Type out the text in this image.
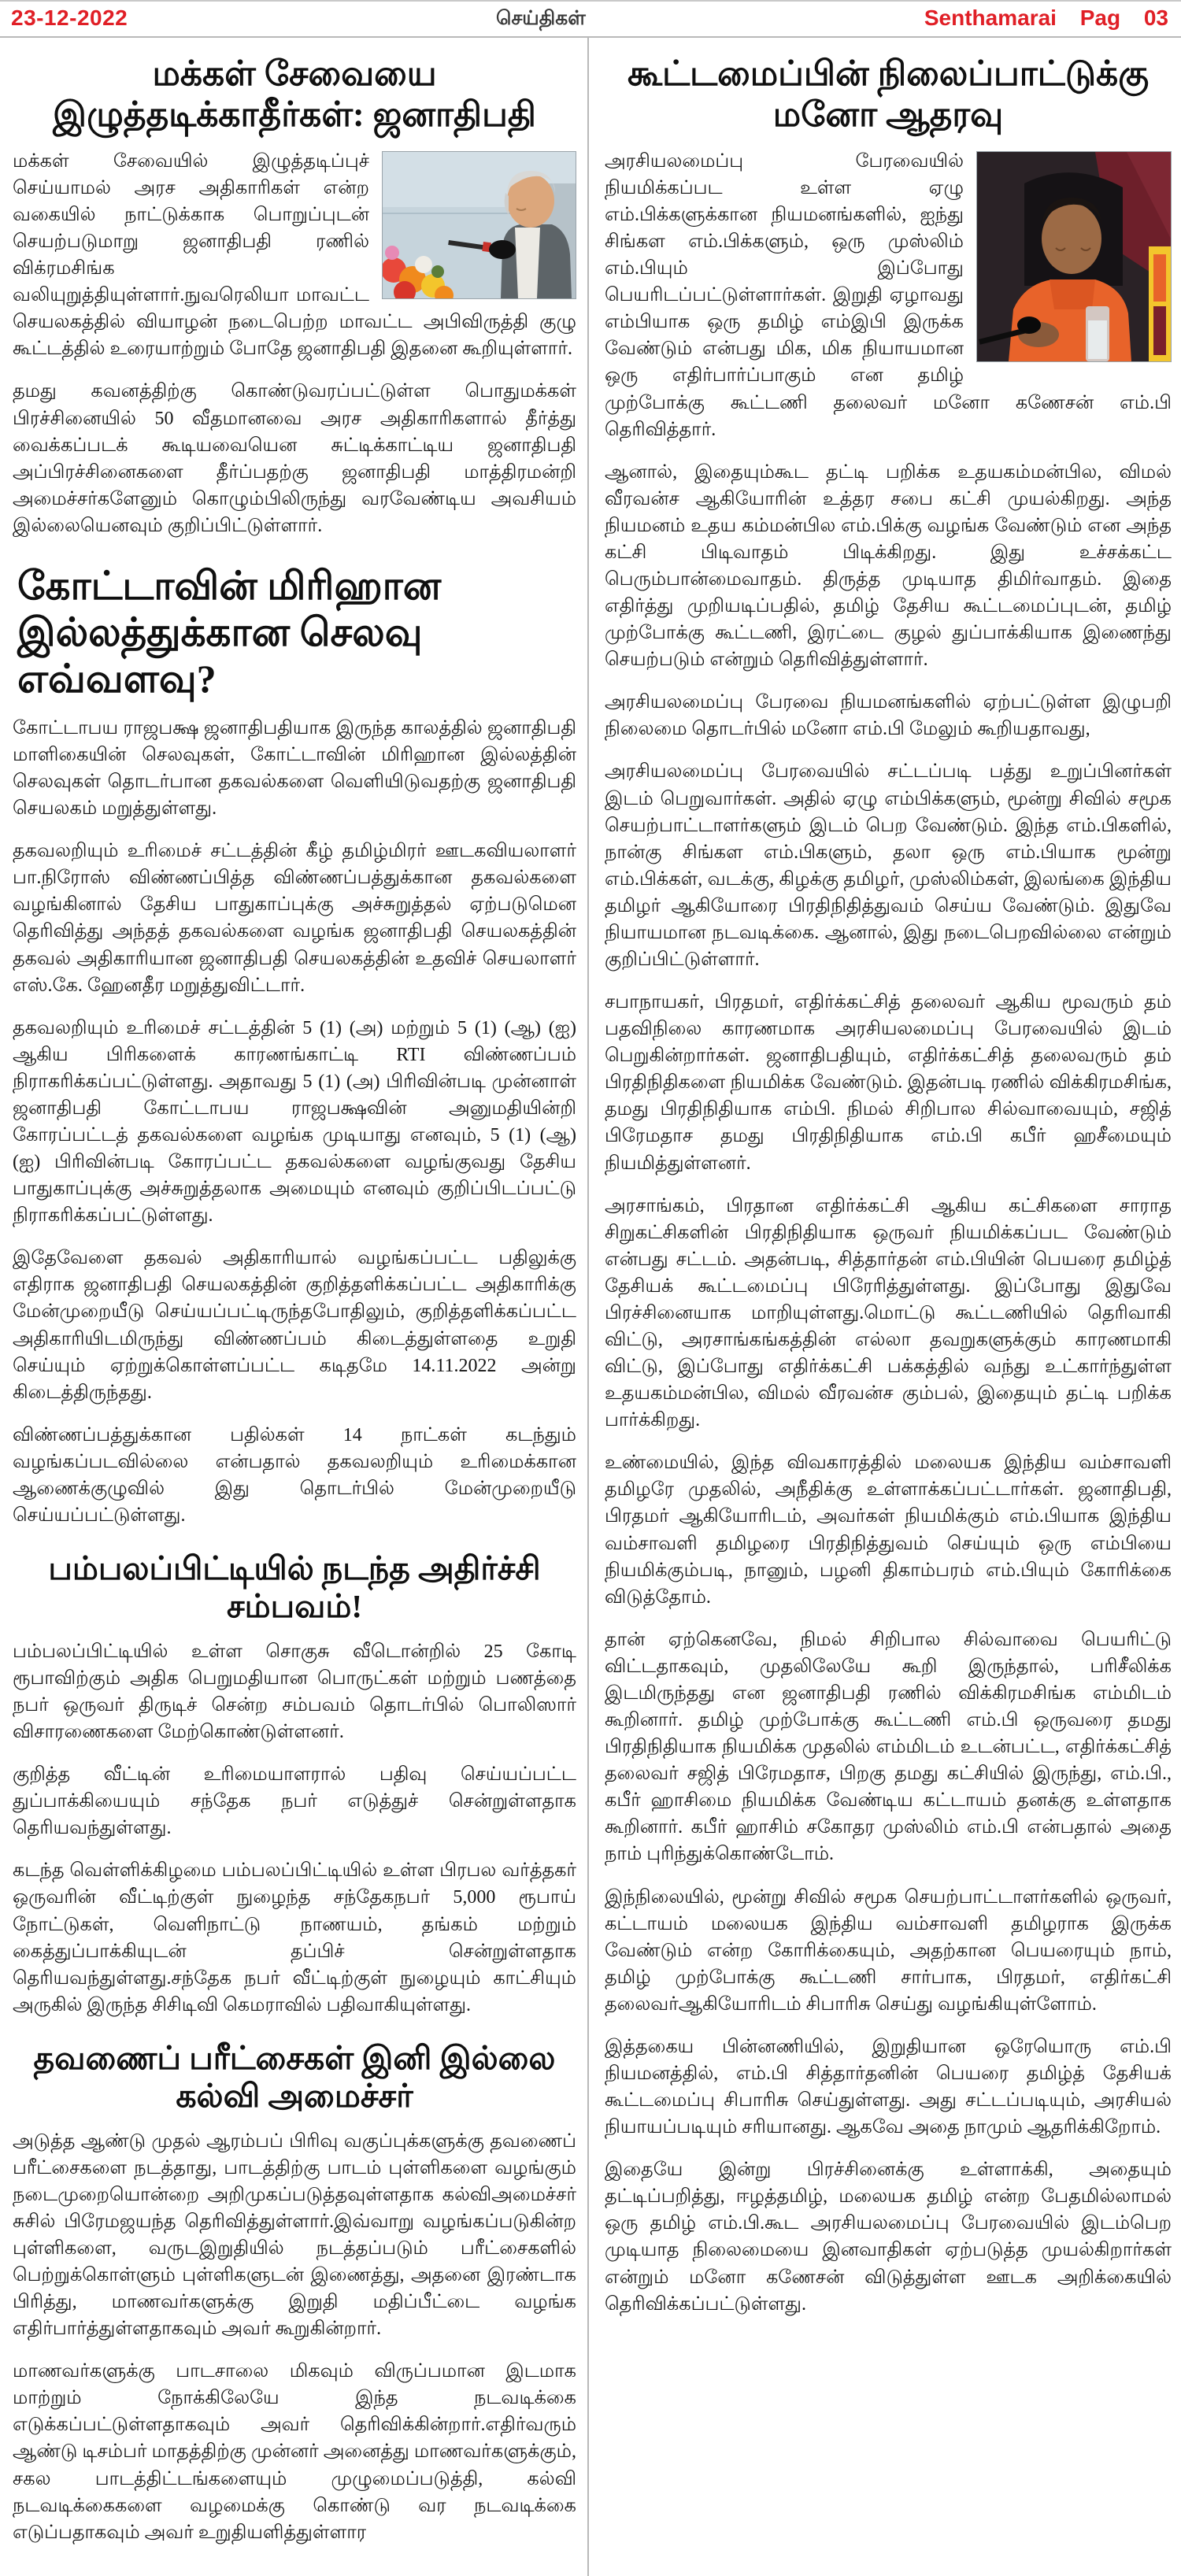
23-12-2022	செய்திகள்	Senthamarai Pag 03
மக்கள் சேவையை இழுத்தடிக்காதீர்கள்: ஜனாதிபதி

மக்கள் சேவையில் இழுத்தடிப்புச் செய்யாமல் அரச அதிகாரிகள் என்ற வகையில் நாட்டுக்காக பொறுப்புடன் செயற்படுமாறு ஜனாதிபதி ரணில் விக்ரமசிங்க வலியுறுத்தியுள்ளார்.நுவரெலியா மாவட்ட செயலகத்தில் வியாழன் நடைபெற்ற மாவட்ட அபிவிருத்தி குழு கூட்டத்தில் உரையாற்றும் போதே ஜனாதிபதி இதனை கூறியுள்ளார்.

தமது கவனத்திற்கு கொண்டுவரப்பட்டுள்ள பொதுமக்கள் பிரச்சினையில் 50 வீதமானவை அரச அதிகாரிகளால் தீர்த்து வைக்கப்படக் கூடியவையென சுட்டிக்காட்டிய ஜனாதிபதி அப்பிரச்சினைகளை தீர்ப்பதற்கு ஜனாதிபதி மாத்திரமன்றி அமைச்சர்களேனும் கொழும்பிலிருந்து வரவேண்டிய அவசியம் இல்லையெனவும் குறிப்பிட்டுள்ளார்.

கோட்டாவின் மிரிஹான இல்லத்துக்கான செலவு எவ்வளவு?

கோட்டாபய ராஜபக்ஷ ஜனாதிபதியாக இருந்த காலத்தில் ஜனாதிபதி மாளிகையின் செலவுகள், கோட்டாவின் மிரிஹான இல்லத்தின் செலவுகள் தொடர்பான தகவல்களை வெளியிடுவதற்கு ஜனாதிபதி செயலகம் மறுத்துள்ளது.

தகவலறியும் உரிமைச் சட்டத்தின் கீழ் தமிழ்மிரர் ஊடகவியலாளர் பா.நிரோஸ் விண்ணப்பித்த விண்ணப்பத்துக்கான தகவல்களை வழங்கினால் தேசிய பாதுகாப்புக்கு அச்சுறுத்தல் ஏற்படுமென தெரிவித்து அந்தத் தகவல்களை வழங்க ஜனாதிபதி செயலகத்தின் தகவல் அதிகாரியான ஜனாதிபதி செயலகத்தின் உதவிச் செயலாளர் எஸ்.கே. ஹேனதீர மறுத்துவிட்டார்.

தகவலறியும் உரிமைச் சட்டத்தின் 5 (1) (அ) மற்றும் 5 (1) (ஆ) (ஐ) ஆகிய பிரிகளைக் காரணங்காட்டி RTI விண்ணப்பம் நிராகரிக்கப்பட்டுள்ளது. அதாவது 5 (1) (அ) பிரிவின்படி முன்னாள் ஜனாதிபதி கோட்டாபய ராஜபக்ஷவின் அனுமதியின்றி கோரப்பட்டத் தகவல்களை வழங்க முடியாது எனவும், 5 (1) (ஆ) (ஐ) பிரிவின்படி கோரப்பட்ட தகவல்களை வழங்குவது தேசிய பாதுகாப்புக்கு அச்சுறுத்தலாக அமையும் எனவும் குறிப்பிடப்பட்டு நிராகரிக்கப்பட்டுள்ளது.

இதேவேளை தகவல் அதிகாரியால் வழங்கப்பட்ட பதிலுக்கு எதிராக ஜனாதிபதி செயலகத்தின் குறித்தளிக்கப்பட்ட அதிகாரிக்கு மேன்முறையீடு செய்யப்பட்டிருந்தபோதிலும், குறித்தளிக்கப்பட்ட அதிகாரியிடமிருந்து விண்ணப்பம் கிடைத்துள்ளதை உறுதி செய்யும் ஏற்றுக்கொள்ளப்பட்ட கடிதமே 14.11.2022 அன்று கிடைத்திருந்தது.

விண்ணப்பத்துக்கான பதில்கள் 14 நாட்கள் கடந்தும் வழங்கப்படவில்லை என்பதால் தகவலறியும் உரிமைக்கான ஆணைக்குழுவில் இது தொடர்பில் மேன்முறையீடு செய்யப்பட்டுள்ளது.

பம்பலப்பிட்டியில் நடந்த அதிர்ச்சி சம்பவம்!

பம்பலப்பிட்டியில் உள்ள சொகுசு வீடொன்றில் 25 கோடி ரூபாவிற்கும் அதிக பெறுமதியான பொருட்கள் மற்றும் பணத்தை நபர் ஒருவர் திருடிச் சென்ற சம்பவம் தொடர்பில் பொலிஸார் விசாரணைகளை மேற்கொண்டுள்ளனர்.

குறித்த வீட்டின் உரிமையாளரால் பதிவு செய்யப்பட்ட துப்பாக்கியையும் சந்தேக நபர் எடுத்துச் சென்றுள்ளதாக தெரியவந்துள்ளது.

கடந்த வெள்ளிக்கிழமை பம்பலப்பிட்டியில் உள்ள பிரபல வர்த்தகர் ஒருவரின் வீட்டிற்குள் நுழைந்த சந்தேகநபர் 5,000 ரூபாய் நோட்டுகள், வெளிநாட்டு நாணயம், தங்கம் மற்றும் கைத்துப்பாக்கியுடன் தப்பிச் சென்றுள்ளதாக தெரியவந்துள்ளது.சந்தேக நபர் வீட்டிற்குள் நுழையும் காட்சியும் அருகில் இருந்த சிசிடிவி கெமராவில் பதிவாகியுள்ளது.

தவணைப் பரீட்சைகள் இனி இல்லை கல்வி அமைச்சர்

அடுத்த ஆண்டு முதல் ஆரம்பப் பிரிவு வகுப்புக்களுக்கு தவணைப் பரீட்சைகளை நடத்தாது, பாடத்திற்கு பாடம் புள்ளிகளை வழங்கும் நடைமுறையொன்றை அறிமுகப்படுத்தவுள்ளதாக கல்விஅமைச்சர் சுசில் பிரேமஜயந்த தெரிவித்துள்ளார்.இவ்வாறு வழங்கப்படுகின்ற புள்ளிகளை, வருடஇறுதியில் நடத்தப்படும் பரீட்சைகளில் பெற்றுக்கொள்ளும் புள்ளிகளுடன் இணைத்து, அதனை இரண்டாக பிரித்து, மாணவர்களுக்கு இறுதி மதிப்பீட்டை வழங்க எதிர்பார்த்துள்ளதாகவும் அவர் கூறுகின்றார்.

மாணவர்களுக்கு பாடசாலை மிகவும் விருப்பமான இடமாக மாற்றும் நோக்கிலேயே இந்த நடவடிக்கை எடுக்கப்பட்டுள்ளதாகவும் அவர் தெரிவிக்கின்றார்.எதிர்வரும் ஆண்டு டிசம்பர் மாதத்திற்கு முன்னர் அனைத்து மாணவர்களுக்கும், சகல பாடத்திட்டங்களையும் முழுமைப்படுத்தி, கல்வி நடவடிக்கைகளை வழமைக்கு கொண்டு வர நடவடிக்கை எடுப்பதாகவும் அவர் உறுதியளித்துள்ளார

கூட்டமைப்பின் நிலைப்பாட்டுக்கு மனோ ஆதரவு

அரசியலமைப்பு பேரவையில் நியமிக்கப்பட உள்ள ஏழு எம்.பிக்களுக்கான நியமனங்களில், ஐந்து சிங்கள எம்.பிக்களும், ஒரு முஸ்லிம் எம்.பியும் இப்போது பெயரிடப்பட்டுள்ளார்கள். இறுதி ஏழாவது எம்பியாக ஒரு தமிழ் எம்இபி இருக்க வேண்டும் என்பது மிக, மிக நியாயமான ஒரு எதிர்பார்ப்பாகும் என தமிழ் முற்போக்கு கூட்டணி தலைவர் மனோ கணேசன் எம்.பி தெரிவித்தார்.

ஆனால், இதையும்கூட தட்டி பறிக்க உதயகம்மன்பில, விமல் வீரவன்ச ஆகியோரின் உத்தர சபை கட்சி முயல்கிறது. அந்த நியமனம் உதய கம்மன்பில எம்.பிக்கு வழங்க வேண்டும் என அந்த கட்சி பிடிவாதம் பிடிக்கிறது. இது உச்சக்கட்ட பெரும்பான்மைவாதம். திருத்த முடியாத திமிர்வாதம். இதை எதிர்த்து முறியடிப்பதில், தமிழ் தேசிய கூட்டமைப்புடன், தமிழ் முற்போக்கு கூட்டணி, இரட்டை குழல் துப்பாக்கியாக இணைந்து செயற்படும் என்றும் தெரிவித்துள்ளார்.

அரசியலமைப்பு பேரவை நியமனங்களில் ஏற்பட்டுள்ள இழுபறி நிலைமை தொடர்பில் மனோ எம்.பி மேலும் கூறியதாவது,

அரசியலமைப்பு பேரவையில் சட்டப்படி பத்து உறுப்பினர்கள் இடம் பெறுவார்கள். அதில் ஏழு எம்பிக்களும், மூன்று சிவில் சமூக செயற்பாட்டாளர்களும் இடம் பெற வேண்டும். இந்த எம்.பிகளில், நான்கு சிங்கள எம்.பிகளும், தலா ஒரு எம்.பியாக மூன்று எம்.பிக்கள், வடக்கு, கிழக்கு தமிழர், முஸ்லிம்கள், இலங்கை இந்திய தமிழர் ஆகியோரை பிரதிநிதித்துவம் செய்ய வேண்டும். இதுவே நியாயமான நடவடிக்கை. ஆனால், இது நடைபெறவில்லை என்றும் குறிப்பிட்டுள்ளார்.

சபாநாயகர், பிரதமர், எதிர்க்கட்சித் தலைவர் ஆகிய மூவரும் தம் பதவிநிலை காரணமாக அரசியலமைப்பு பேரவையில் இடம் பெறுகின்றார்கள். ஜனாதிபதியும், எதிர்க்கட்சித் தலைவரும் தம் பிரதிநிதிகளை நியமிக்க வேண்டும். இதன்படி ரணில் விக்கிரமசிங்க, தமது பிரதிநிதியாக எம்பி. நிமல் சிறிபால சில்வாவையும், சஜித் பிரேமதாச தமது பிரதிநிதியாக எம்.பி கபீர் ஹசீமையும் நியமித்துள்ளனர்.

அரசாங்கம், பிரதான எதிர்க்கட்சி ஆகிய கட்சிகளை சாராத சிறுகட்சிகளின் பிரதிநிதியாக ஒருவர் நியமிக்கப்பட வேண்டும் என்பது சட்டம். அதன்படி, சித்தார்தன் எம்.பியின் பெயரை தமிழ்த் தேசியக் கூட்டமைப்பு பிரேரித்துள்ளது. இப்போது இதுவே பிரச்சினையாக மாறியுள்ளது.மொட்டு கூட்டணியில் தெரிவாகி விட்டு, அரசாங்கங்கத்தின் எல்லா தவறுகளுக்கும் காரணமாகி விட்டு, இப்போது எதிர்க்கட்சி பக்கத்தில் வந்து உட்கார்ந்துள்ள உதயகம்மன்பில, விமல் வீரவன்ச கும்பல், இதையும் தட்டி பறிக்க பார்க்கிறது.

உண்மையில், இந்த விவகாரத்தில் மலையக இந்திய வம்சாவளி தமிழரே முதலில், அநீதிக்கு உள்ளாக்கப்பட்டார்கள். ஜனாதிபதி, பிரதமர் ஆகியோரிடம், அவர்கள் நியமிக்கும் எம்.பியாக இந்திய வம்சாவளி தமிழரை பிரதிநித்துவம் செய்யும் ஒரு எம்பியை நியமிக்கும்படி, நானும், பழனி திகாம்பரம் எம்.பியும் கோரிக்கை விடுத்தோம்.

தான் ஏற்கெனவே, நிமல் சிறிபால சில்வாவை பெயரிட்டு விட்டதாகவும், முதலிலேயே கூறி இருந்தால், பரிசீலிக்க இடமிருந்தது என ஜனாதிபதி ரணில் விக்கிரமசிங்க எம்மிடம் கூறினார். தமிழ் முற்போக்கு கூட்டணி எம்.பி ஒருவரை தமது பிரதிநிதியாக நியமிக்க முதலில் எம்மிடம் உடன்பட்ட, எதிர்க்கட்சித் தலைவர் சஜித் பிரேமதாச, பிறகு தமது கட்சியில் இருந்து, எம்.பி., கபீர் ஹாசிமை நியமிக்க வேண்டிய கட்டாயம் தனக்கு உள்ளதாக கூறினார். கபீர் ஹாசிம் சகோதர முஸ்லிம் எம்.பி என்பதால் அதை நாம் புரிந்துக்கொண்டோம்.

இந்நிலையில், மூன்று சிவில் சமூக செயற்பாட்டாளர்களில் ஒருவர், கட்டாயம் மலையக இந்திய வம்சாவளி தமிழராக இருக்க வேண்டும் என்ற கோரிக்கையும், அதற்கான பெயரையும் நாம், தமிழ் முற்போக்கு கூட்டணி சார்பாக, பிரதமர், எதிர்கட்சி தலைவர்ஆகியோரிடம் சிபாரிசு செய்து வழங்கியுள்ளோம்.

இத்தகைய பின்னணியில், இறுதியான ஒரேயொரு எம்.பி நியமனத்தில், எம்.பி சித்தார்தனின் பெயரை தமிழ்த் தேசியக் கூட்டமைப்பு சிபாரிசு செய்துள்ளது. அது சட்டப்படியும், அரசியல் நியாயப்படியும் சரியானது. ஆகவே அதை நாமும் ஆதரிக்கிறோம்.

இதையே இன்று பிரச்சினைக்கு உள்ளாக்கி, அதையும் தட்டிப்பறித்து, ஈழத்தமிழ், மலையக தமிழ் என்ற பேதமில்லாமல் ஒரு தமிழ் எம்.பி.கூட அரசியலமைப்பு பேரவையில் இடம்பெற முடியாத நிலைமையை இனவாதிகள் ஏற்படுத்த முயல்கிறார்கள் என்றும் மனோ கணேசன் விடுத்துள்ள ஊடக அறிக்கையில் தெரிவிக்கப்பட்டுள்ளது.
